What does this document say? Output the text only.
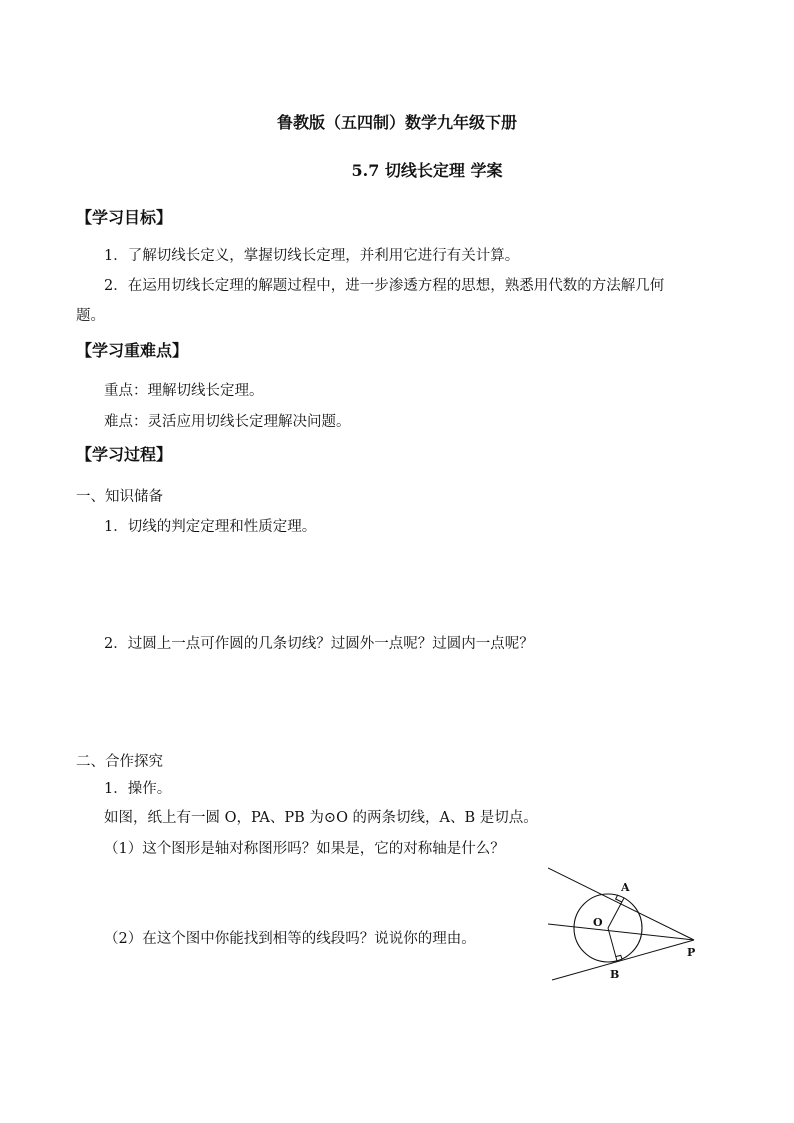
鲁教版（五四制）数学九年级下册
5.7 切线长定理 学案
【学习目标】
1．了解切线长定义，掌握切线长定理，并利用它进行有关计算。
2．在运用切线长定理的解题过程中，进一步渗透方程的思想，熟悉用代数的方法解几何
题。
【学习重难点】
重点：理解切线长定理。
难点：灵活应用切线长定理解决问题。
【学习过程】
一、知识储备
1．切线的判定定理和性质定理。
2．过圆上一点可作圆的几条切线？过圆外一点呢？过圆内一点呢？
二、合作探究
1．操作。
如图，纸上有一圆 O，PA、PB 为⊙O 的两条切线，A、B 是切点。
（1）这个图形是轴对称图形吗？如果是，它的对称轴是什么？
（2）在这个图中你能找到相等的线段吗？说说你的理由。
A
O
P
B
